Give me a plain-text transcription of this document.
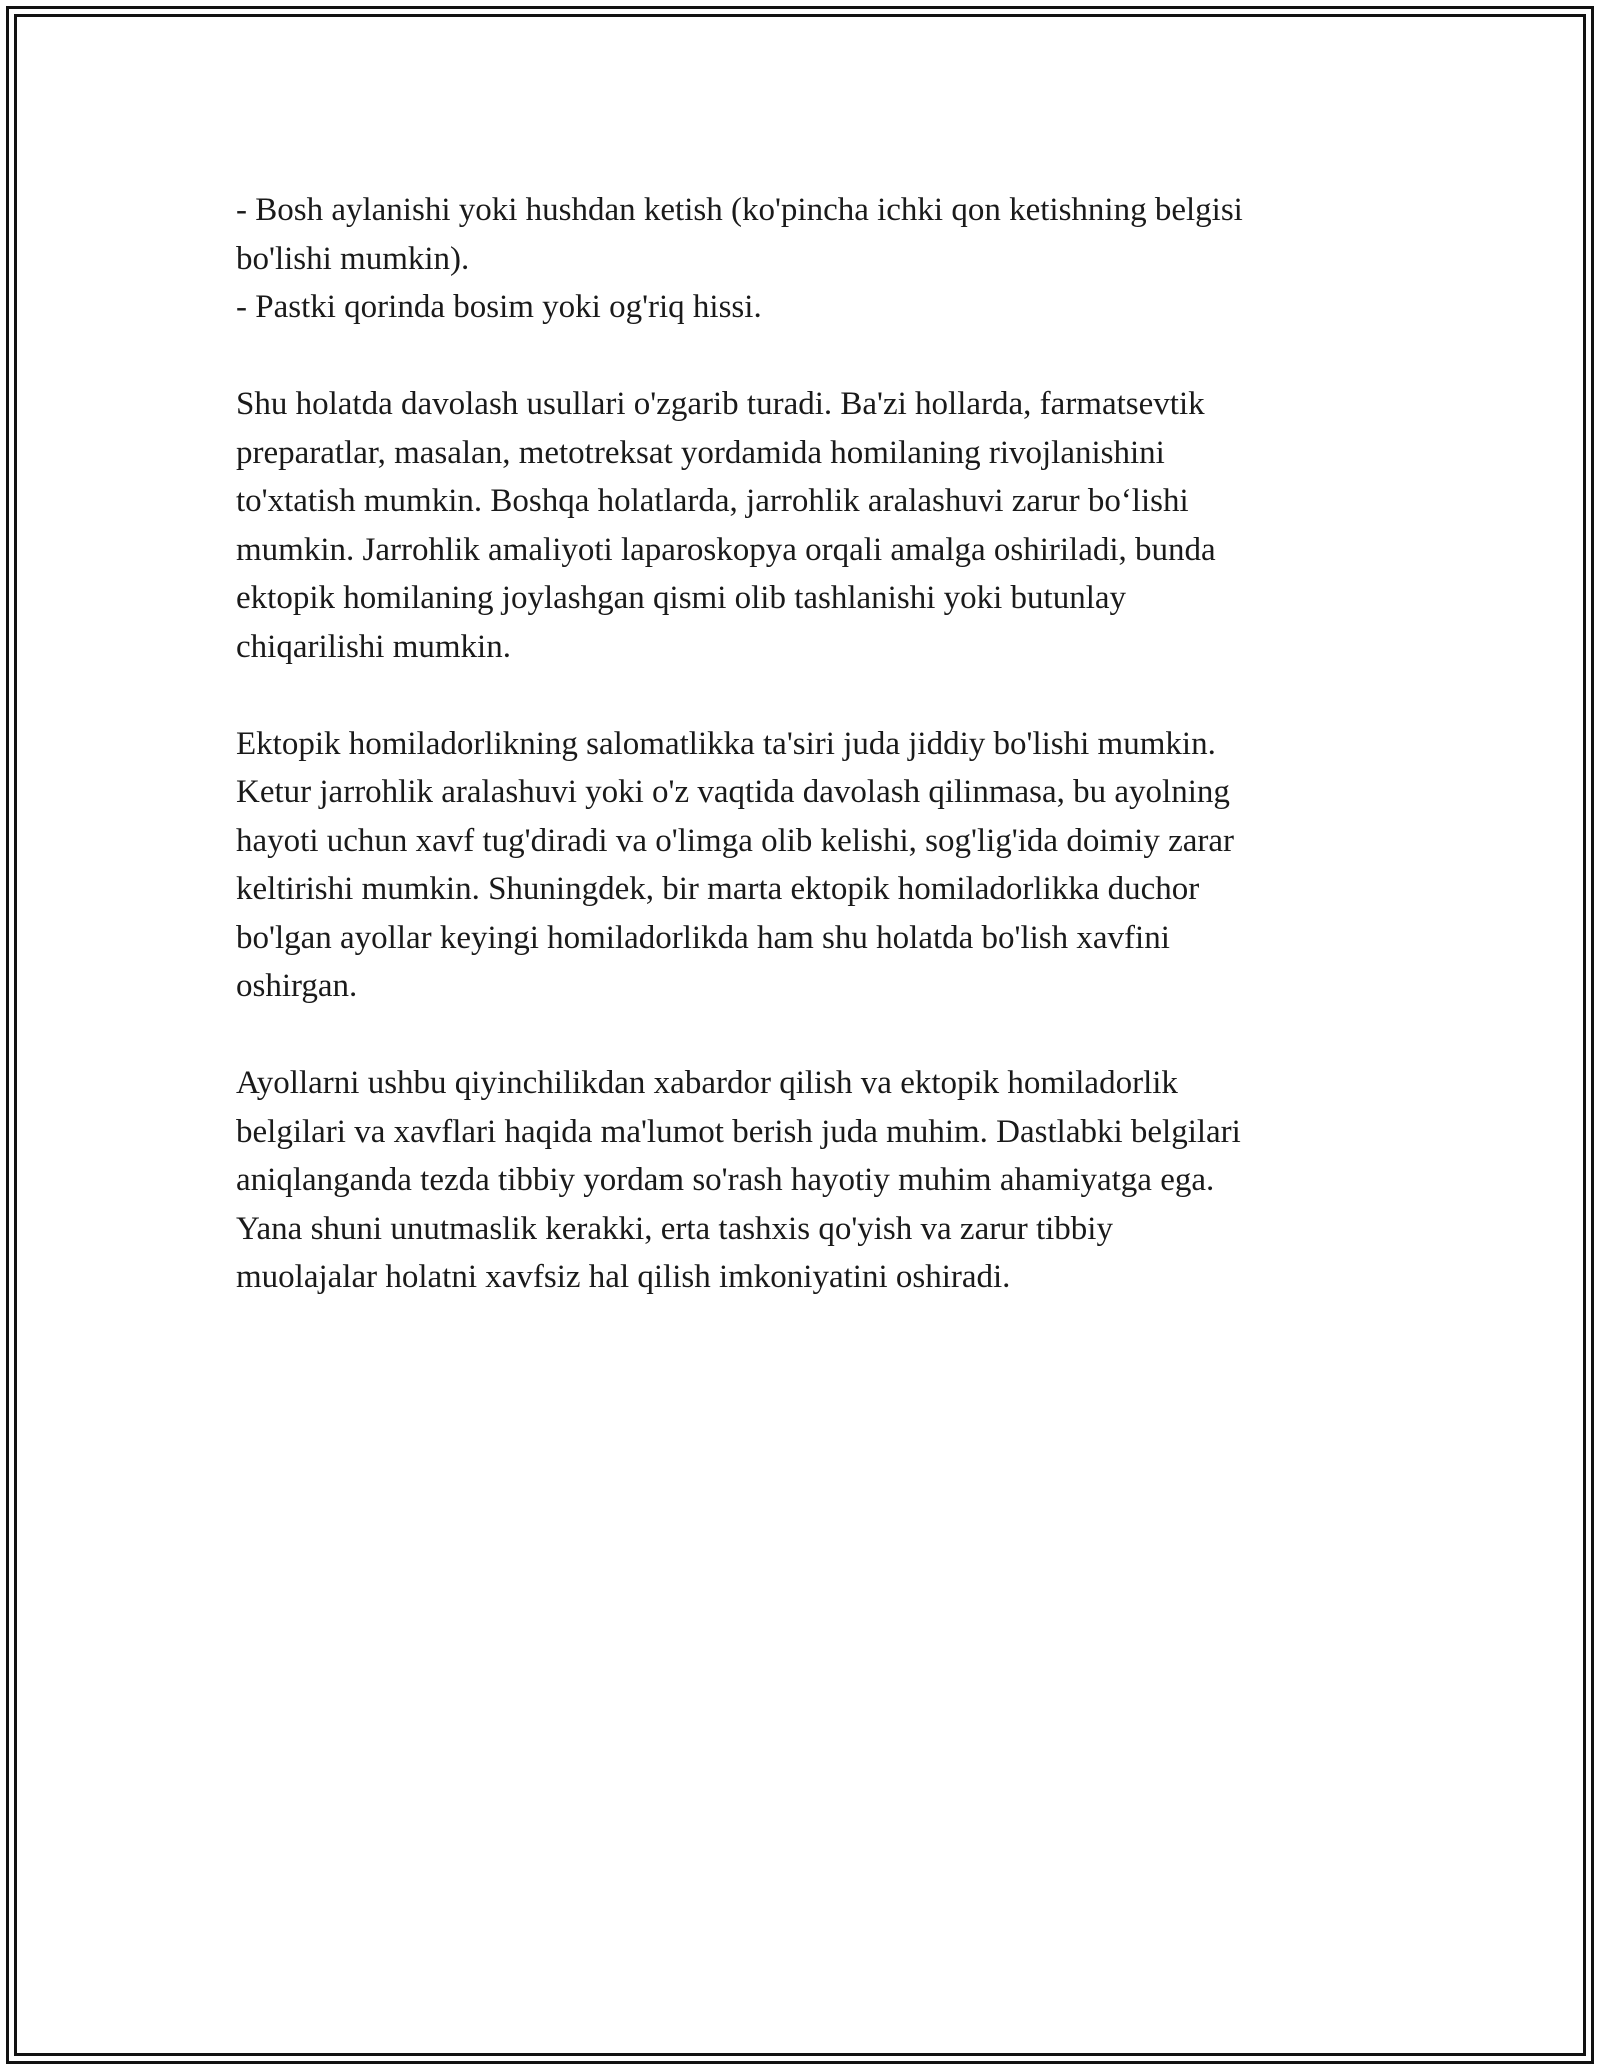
- Bosh aylanishi yoki hushdan ketish (ko'pincha ichki qon ketishning belgisi
bo'lishi mumkin).
- Pastki qorinda bosim yoki og'riq hissi.
Shu holatda davolash usullari o'zgarib turadi. Ba'zi hollarda, farmatsevtik
preparatlar, masalan, metotreksat yordamida homilaning rivojlanishini
to'xtatish mumkin. Boshqa holatlarda, jarrohlik aralashuvi zarur bo‘lishi
mumkin. Jarrohlik amaliyoti laparoskopya orqali amalga oshiriladi, bunda
ektopik homilaning joylashgan qismi olib tashlanishi yoki butunlay
chiqarilishi mumkin.
Ektopik homiladorlikning salomatlikka ta'siri juda jiddiy bo'lishi mumkin.
Ketur jarrohlik aralashuvi yoki o'z vaqtida davolash qilinmasa, bu ayolning
hayoti uchun xavf tug'diradi va o'limga olib kelishi, sog'lig'ida doimiy zarar
keltirishi mumkin. Shuningdek, bir marta ektopik homiladorlikka duchor
bo'lgan ayollar keyingi homiladorlikda ham shu holatda bo'lish xavfini
oshirgan.
Ayollarni ushbu qiyinchilikdan xabardor qilish va ektopik homiladorlik
belgilari va xavflari haqida ma'lumot berish juda muhim. Dastlabki belgilari
aniqlanganda tezda tibbiy yordam so'rash hayotiy muhim ahamiyatga ega.
Yana shuni unutmaslik kerakki, erta tashxis qo'yish va zarur tibbiy
muolajalar holatni xavfsiz hal qilish imkoniyatini oshiradi.
